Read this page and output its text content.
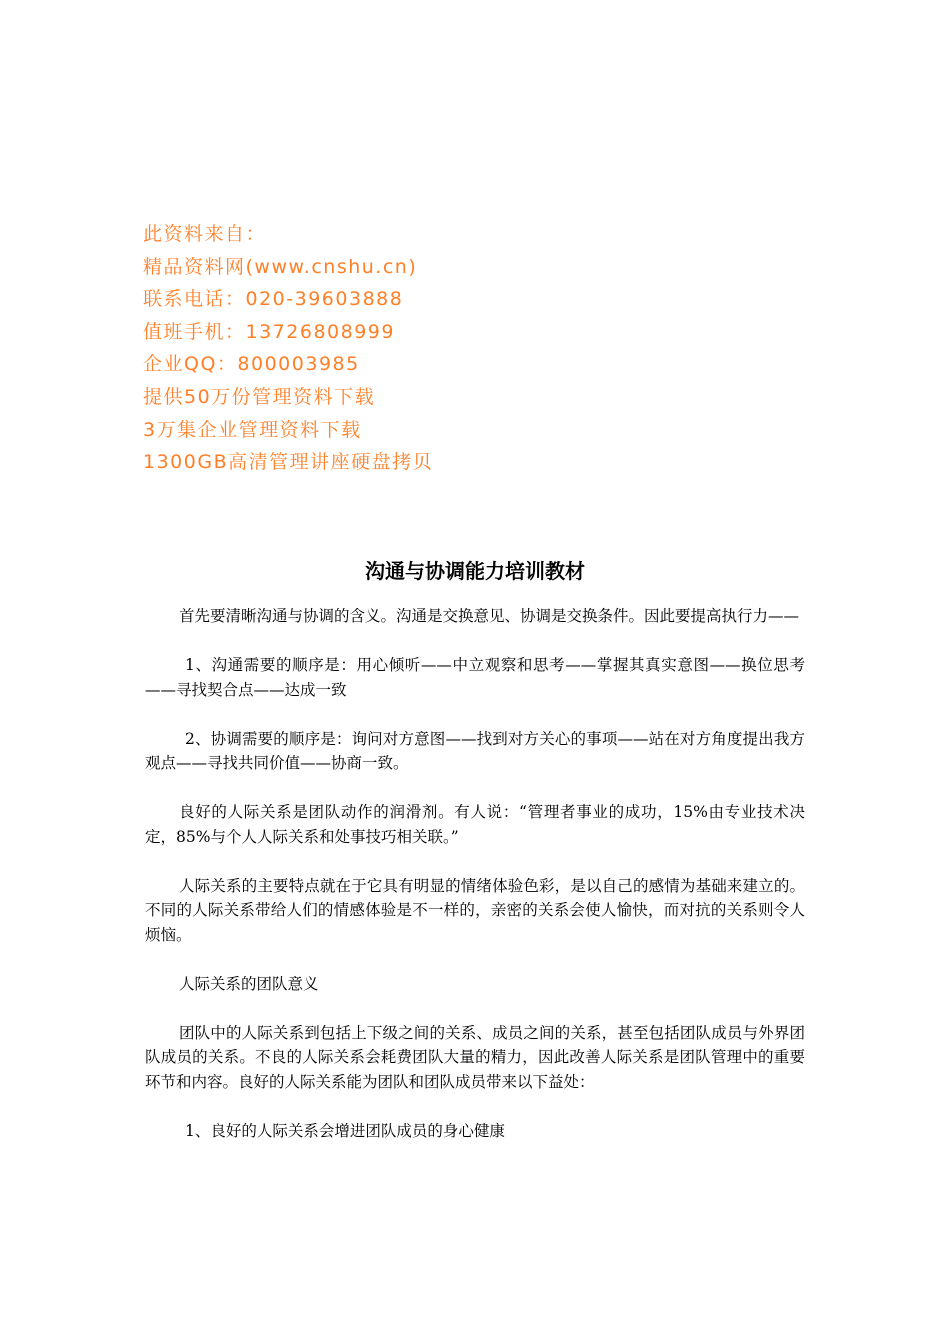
此资料来自：
精品资料网(www.cnshu.cn)
联系电话：020-39603888
值班手机：13726808999
企业QQ：800003985
提供50万份管理资料下载
3万集企业管理资料下载
1300GB高清管理讲座硬盘拷贝
沟通与协调能力培训教材

首先要清晰沟通与协调的含义。沟通是交换意见、协调是交换条件。因此要提高执行力——

1、沟通需要的顺序是：用心倾听——中立观察和思考——掌握其真实意图——换位思考——寻找契合点——达成一致

2、协调需要的顺序是：询问对方意图——找到对方关心的事项——站在对方角度提出我方观点——寻找共同价值——协商一致。

良好的人际关系是团队动作的润滑剂。有人说：“管理者事业的成功，15%由专业技术决定，85%与个人人际关系和处事技巧相关联。”

人际关系的主要特点就在于它具有明显的情绪体验色彩，是以自己的感情为基础来建立的。不同的人际关系带给人们的情感体验是不一样的，亲密的关系会使人愉快，而对抗的关系则令人烦恼。

人际关系的团队意义

团队中的人际关系到包括上下级之间的关系、成员之间的关系，甚至包括团队成员与外界团队成员的关系。不良的人际关系会耗费团队大量的精力，因此改善人际关系是团队管理中的重要环节和内容。良好的人际关系能为团队和团队成员带来以下益处：

1、良好的人际关系会增进团队成员的身心健康
